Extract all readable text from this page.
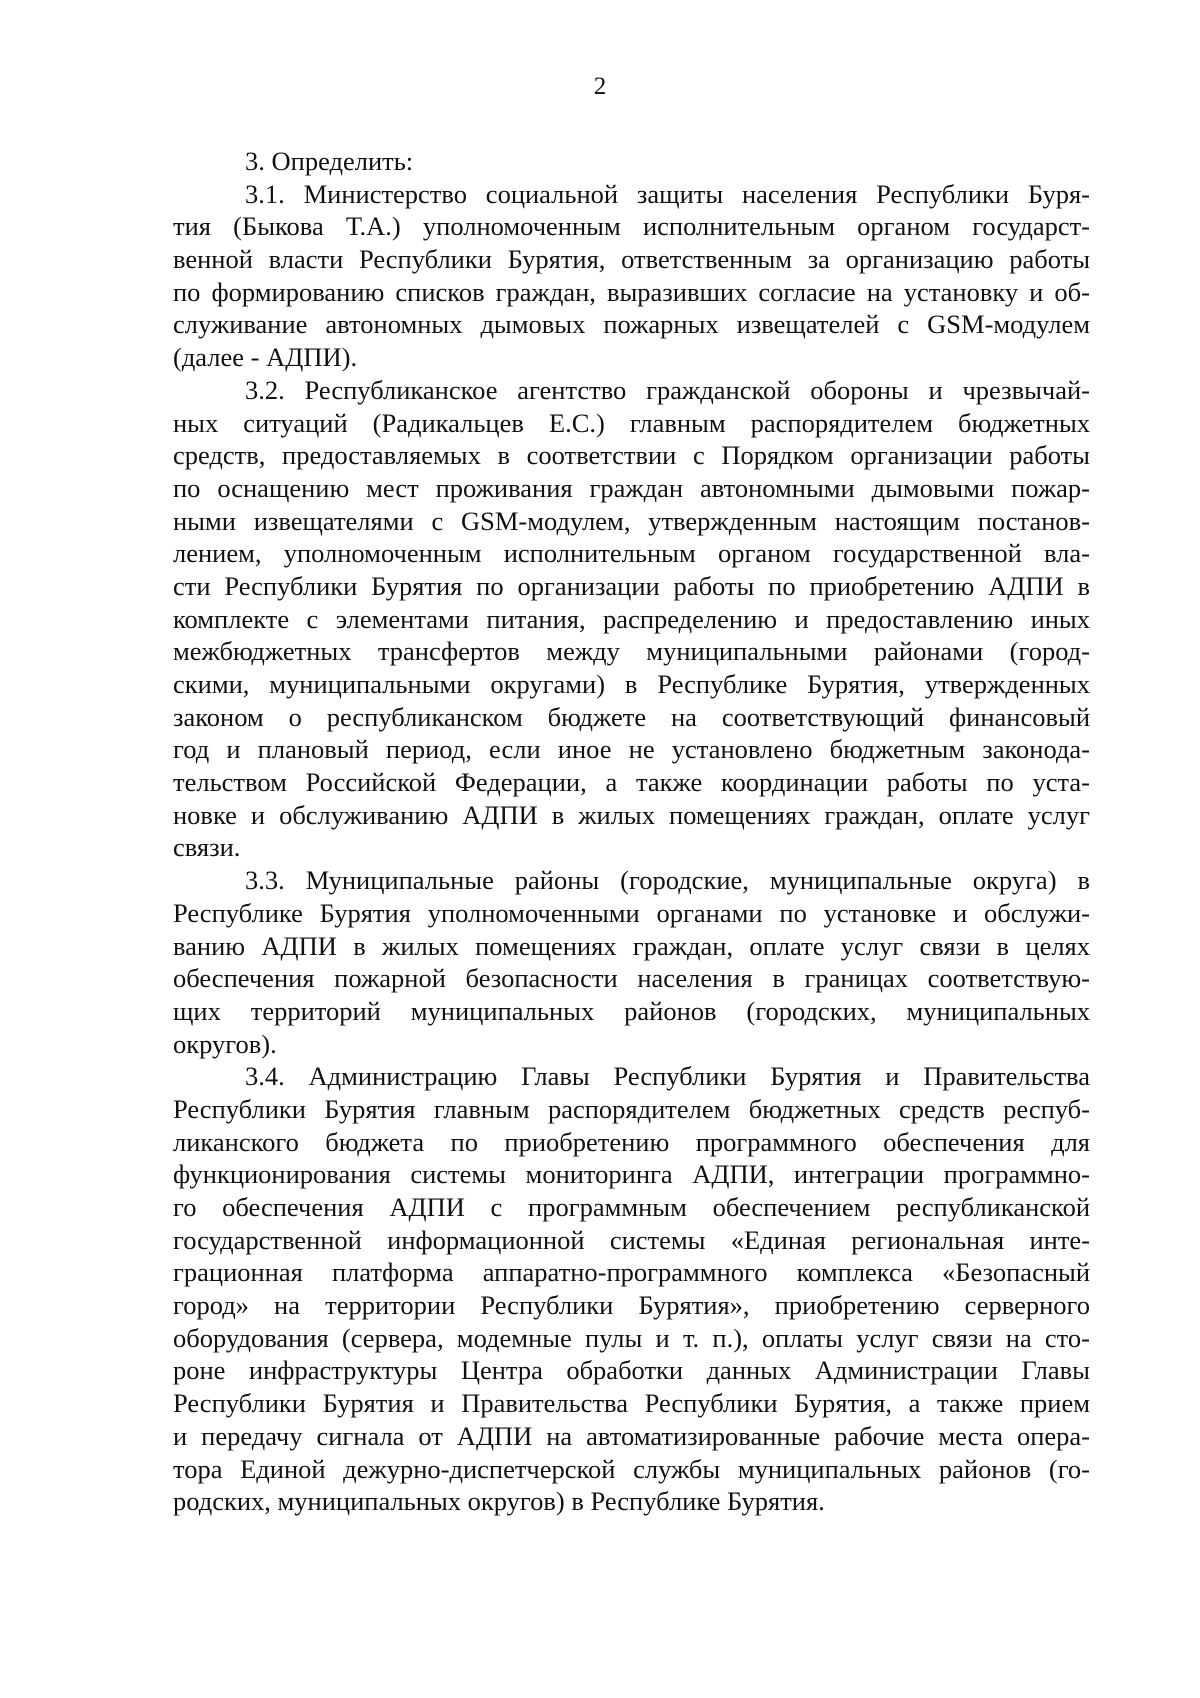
2
3. Определить:
3.1. Министерство социальной защиты населения Республики Буря-
тия (Быкова Т.А.) уполномоченным исполнительным органом государст-
венной власти Республики Бурятия, ответственным за организацию работы
по формированию списков граждан, выразивших согласие на установку и об-
служивание автономных дымовых пожарных извещателей с GSM-модулем
(далее - АДПИ).
3.2. Республиканское агентство гражданской обороны и чрезвычай-
ных ситуаций (Радикальцев Е.С.) главным распорядителем бюджетных
средств, предоставляемых в соответствии с Порядком организации работы
по оснащению мест проживания граждан автономными дымовыми пожар-
ными извещателями с GSM-модулем, утвержденным настоящим постанов-
лением, уполномоченным исполнительным органом государственной вла-
сти Республики Бурятия по организации работы по приобретению АДПИ в
комплекте с элементами питания, распределению и предоставлению иных
межбюджетных трансфертов между муниципальными районами (город-
скими, муниципальными округами) в Республике Бурятия, утвержденных
законом о республиканском бюджете на соответствующий финансовый
год и плановый период, если иное не установлено бюджетным законода-
тельством Российской Федерации, а также координации работы по уста-
новке и обслуживанию АДПИ в жилых помещениях граждан, оплате услуг
связи.
3.3. Муниципальные районы (городские, муниципальные округа) в
Республике Бурятия уполномоченными органами по установке и обслужи-
ванию АДПИ в жилых помещениях граждан, оплате услуг связи в целях
обеспечения пожарной безопасности населения в границах соответствую-
щих территорий муниципальных районов (городских, муниципальных
округов).
3.4. Администрацию Главы Республики Бурятия и Правительства
Республики Бурятия главным распорядителем бюджетных средств респуб-
ликанского бюджета по приобретению программного обеспечения для
функционирования системы мониторинга АДПИ, интеграции программно-
го обеспечения АДПИ с программным обеспечением республиканской
государственной информационной системы «Единая региональная инте-
грационная платформа аппаратно-программного комплекса «Безопасный
город» на территории Республики Бурятия», приобретению серверного
оборудования (сервера, модемные пулы и т. п.), оплаты услуг связи на сто-
роне инфраструктуры Центра обработки данных Администрации Главы
Республики Бурятия и Правительства Республики Бурятия, а также прием
и передачу сигнала от АДПИ на автоматизированные рабочие места опера-
тора Единой дежурно-диспетчерской службы муниципальных районов (го-
родских, муниципальных округов) в Республике Бурятия.
